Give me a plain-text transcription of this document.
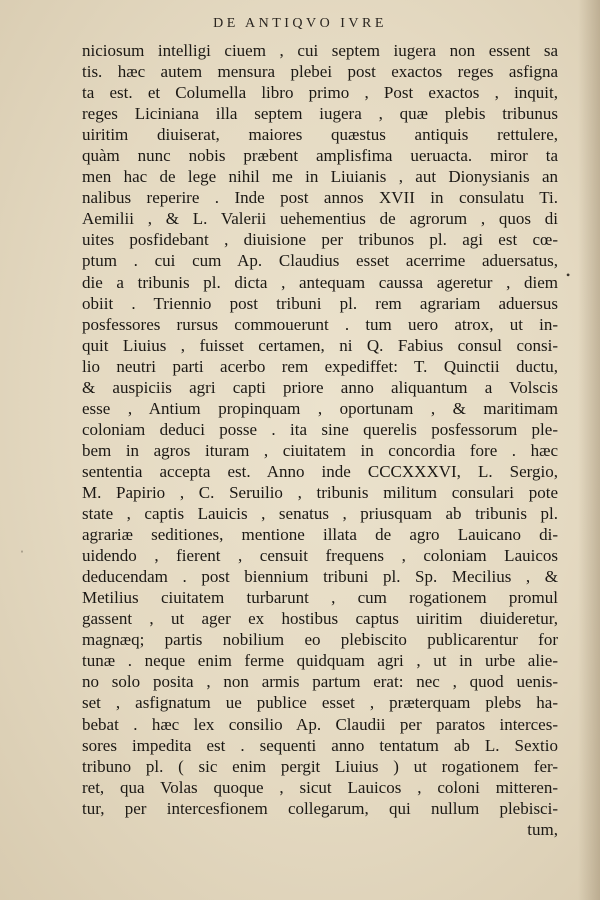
DE ANTIQVO IVRE
niciosum intelligi ciuem , cui septem iugera non essent sa
tis. hæc autem mensura plebei post exactos reges asfigna
ta est. et Columella libro primo , Post exactos , inquit,
reges Liciniana illa septem iugera , quæ plebis tribunus
uiritim diuiserat, maiores quæstus antiquis rettulere,
quàm nunc nobis præbent amplisfima ueruacta. miror ta
men hac de lege nihil me in Liuianis , aut Dionysianis an
nalibus reperire . Inde post annos XVII in consulatu Ti.
Aemilii , & L. Valerii uehementius de agrorum , quos di
uites posfidebant , diuisione per tribunos pl. agi est cœ-
ptum . cui cum Ap. Claudius esset acerrime aduersatus,
die a tribunis pl. dicta , antequam caussa ageretur , diem
obiit . Triennio post tribuni pl. rem agrariam aduersus
posfessores rursus commouerunt . tum uero atrox, ut in-
quit Liuius , fuisset certamen, ni Q. Fabius consul consi-
lio neutri parti acerbo rem expediffet: T. Quinctii ductu,
& auspiciis agri capti priore anno aliquantum a Volscis
esse , Antium propinquam , oportunam , & maritimam
coloniam deduci posse . ita sine querelis posfessorum ple-
bem in agros ituram , ciuitatem in concordia fore . hæc
sententia accepta est. Anno inde CCCXXXVI, L. Sergio,
M. Papirio , C. Seruilio , tribunis militum consulari pote
state , captis Lauicis , senatus , priusquam ab tribunis pl.
agrariæ seditiones, mentione illata de agro Lauicano di-
uidendo , fierent , censuit frequens , coloniam Lauicos
deducendam . post biennium tribuni pl. Sp. Mecilius , &
Metilius ciuitatem turbarunt , cum rogationem promul
gassent , ut ager ex hostibus captus uiritim diuideretur,
magnæq; partis nobilium eo plebiscito publicarentur for
tunæ . neque enim ferme quidquam agri , ut in urbe alie-
no solo posita , non armis partum erat: nec , quod uenis-
set , asfignatum ue publice esset , præterquam plebs ha-
bebat . hæc lex consilio Ap. Claudii per paratos interces-
sores impedita est . sequenti anno tentatum ab L. Sextio
tribuno pl. ( sic enim pergit Liuius ) ut rogationem fer-
ret, qua Volas quoque , sicut Lauicos , coloni mitteren-
tur, per intercesfionem collegarum, qui nullum plebisci-
tum,
•
ˈ
